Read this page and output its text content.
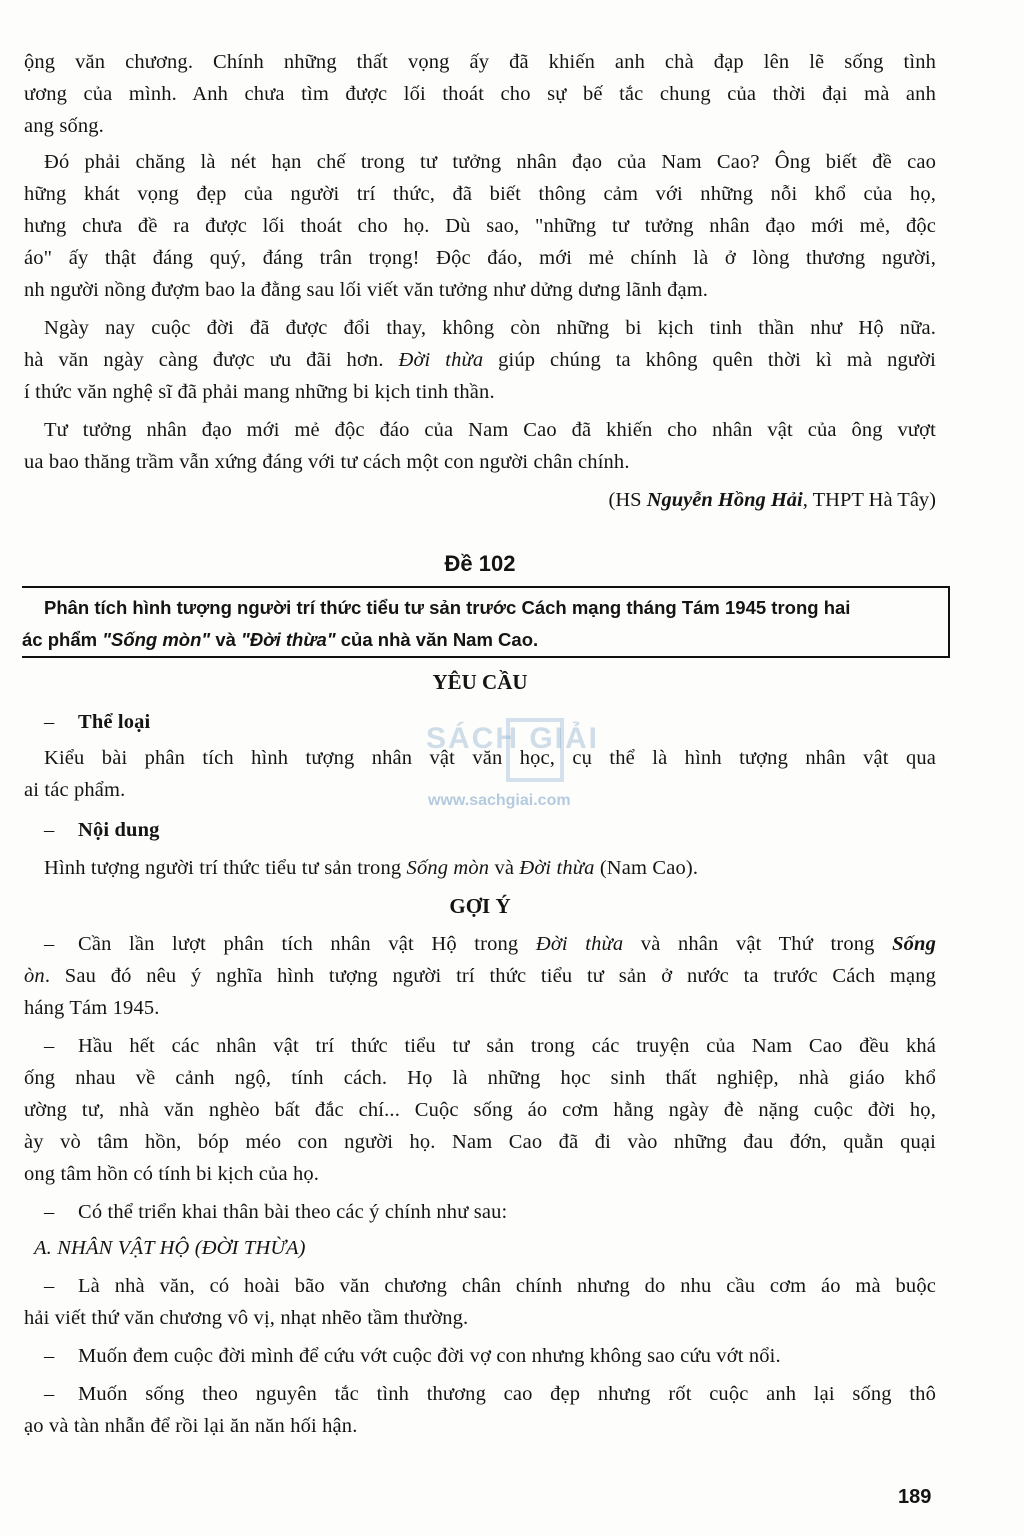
ộng văn chương. Chính những thất vọng ấy đã khiến anh chà đạp lên lẽ sống tình
ương của mình. Anh chưa tìm được lối thoát cho sự bế tắc chung của thời đại mà anh
ang sống.
Đó phải chăng là nét hạn chế trong tư tưởng nhân đạo của Nam Cao? Ông biết đề cao
hững khát vọng đẹp của người trí thức, đã biết thông cảm với những nỗi khổ của họ,
hưng chưa đề ra được lối thoát cho họ. Dù sao, "những tư tưởng nhân đạo mới mẻ, độc
áo" ấy thật đáng quý, đáng trân trọng! Độc đáo, mới mẻ chính là ở lòng thương người,
nh người nồng đượm bao la đằng sau lối viết văn tưởng như dửng dưng lãnh đạm.
Ngày nay cuộc đời đã được đổi thay, không còn những bi kịch tinh thần như Hộ nữa.
hà văn ngày càng được ưu đãi hơn. Đời thừa giúp chúng ta không quên thời kì mà người
í thức văn nghệ sĩ đã phải mang những bi kịch tinh thần.
Tư tưởng nhân đạo mới mẻ độc đáo của Nam Cao đã khiến cho nhân vật của ông vượt
ua bao thăng trầm vẫn xứng đáng với tư cách một con người chân chính.
(HS Nguyễn Hồng Hải, THPT Hà Tây)
Đề 102
Phân tích hình tượng người trí thức tiểu tư sản trước Cách mạng tháng Tám 1945 trong hai
ác phẩm "Sống mòn" và "Đời thừa" của nhà văn Nam Cao.
YÊU CẦU
– Thể loại
Kiểu bài phân tích hình tượng nhân vật văn học, cụ thể là hình tượng nhân vật qua
ai tác phẩm.
– Nội dung
Hình tượng người trí thức tiểu tư sản trong Sống mòn và Đời thừa (Nam Cao).
SÁCH GIẢI
www.sachgiai.com
GỢI Ý
– Cần lần lượt phân tích nhân vật Hộ trong Đời thừa và nhân vật Thứ trong Sống
òn. Sau đó nêu ý nghĩa hình tượng người trí thức tiểu tư sản ở nước ta trước Cách mạng
háng Tám 1945.
– Hầu hết các nhân vật trí thức tiểu tư sản trong các truyện của Nam Cao đều khá
ống nhau về cảnh ngộ, tính cách. Họ là những học sinh thất nghiệp, nhà giáo khổ
ường tư, nhà văn nghèo bất đắc chí... Cuộc sống áo cơm hằng ngày đè nặng cuộc đời họ,
ày vò tâm hồn, bóp méo con người họ. Nam Cao đã đi vào những đau đớn, quằn quại
ong tâm hồn có tính bi kịch của họ.
– Có thể triển khai thân bài theo các ý chính như sau:
A. NHÂN VẬT HỘ (ĐỜI THỪA)
– Là nhà văn, có hoài bão văn chương chân chính nhưng do nhu cầu cơm áo mà buộc
hải viết thứ văn chương vô vị, nhạt nhẽo tầm thường.
– Muốn đem cuộc đời mình để cứu vớt cuộc đời vợ con nhưng không sao cứu vớt nổi.
– Muốn sống theo nguyên tắc tình thương cao đẹp nhưng rốt cuộc anh lại sống thô
ạo và tàn nhẫn để rồi lại ăn năn hối hận.
189
